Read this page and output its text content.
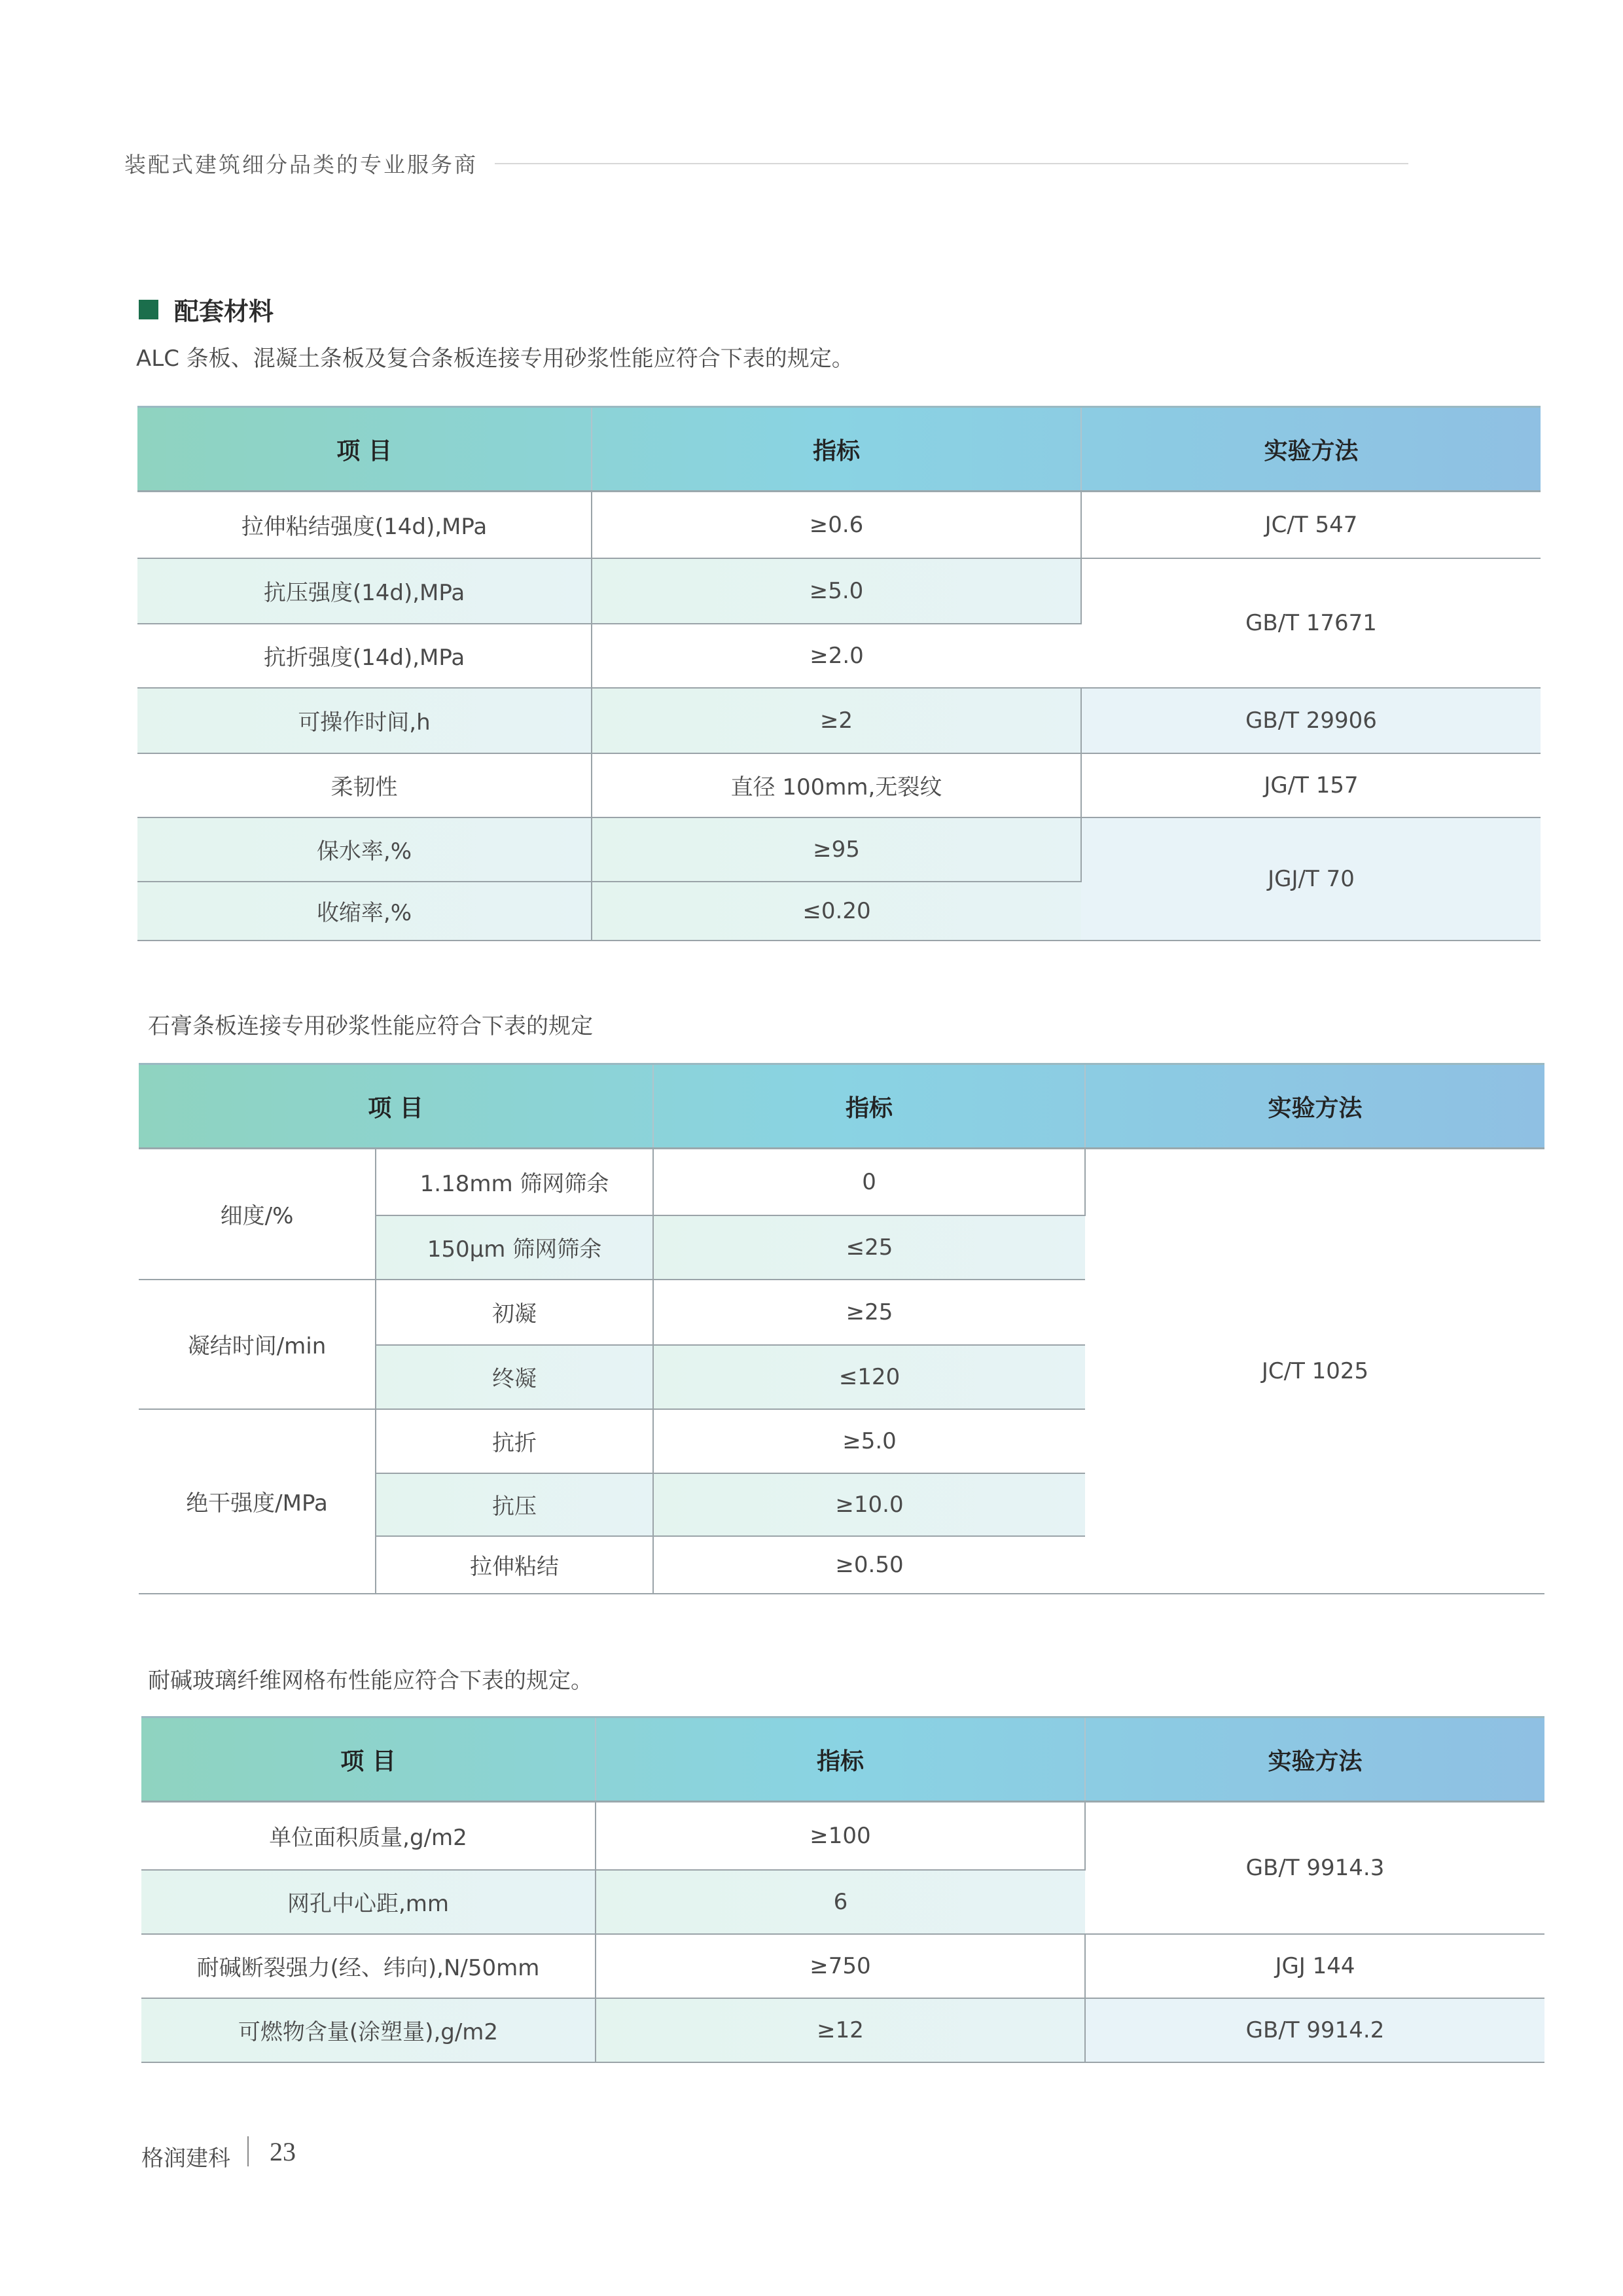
装配式建筑细分品类的专业服务商
配套材料
ALC 条板、混凝土条板及复合条板连接专用砂浆性能应符合下表的规定。
项 目	指标	实验方法
拉伸粘结强度(14d),MPa	≥0.6	JC/T 547
抗压强度(14d),MPa	≥5.0	GB/T 17671
抗折强度(14d),MPa	≥2.0	
可操作时间,h	≥2	GB/T 29906
柔韧性	直径 100mm,无裂纹	JG/T 157
保水率,%	≥95	JGJ/T 70
收缩率,%	≤0.20	
石膏条板连接专用砂浆性能应符合下表的规定
项 目		指标	实验方法
细度/%	1.18mm 筛网筛余	0	JC/T 1025
	150μm 筛网筛余	≤25	
凝结时间/min	初凝	≥25	
	终凝	≤120	
绝干强度/MPa	抗折	≥5.0	
	抗压	≥10.0	
	拉伸粘结	≥0.50	
耐碱玻璃纤维网格布性能应符合下表的规定。
项 目	指标	实验方法
单位面积质量,g/m2	≥100	GB/T 9914.3
网孔中心距,mm	6	
耐碱断裂强力(经、纬向),N/50mm	≥750	JGJ 144
可燃物含量(涂塑量),g/m2	≥12	GB/T 9914.2
格润建科 23
